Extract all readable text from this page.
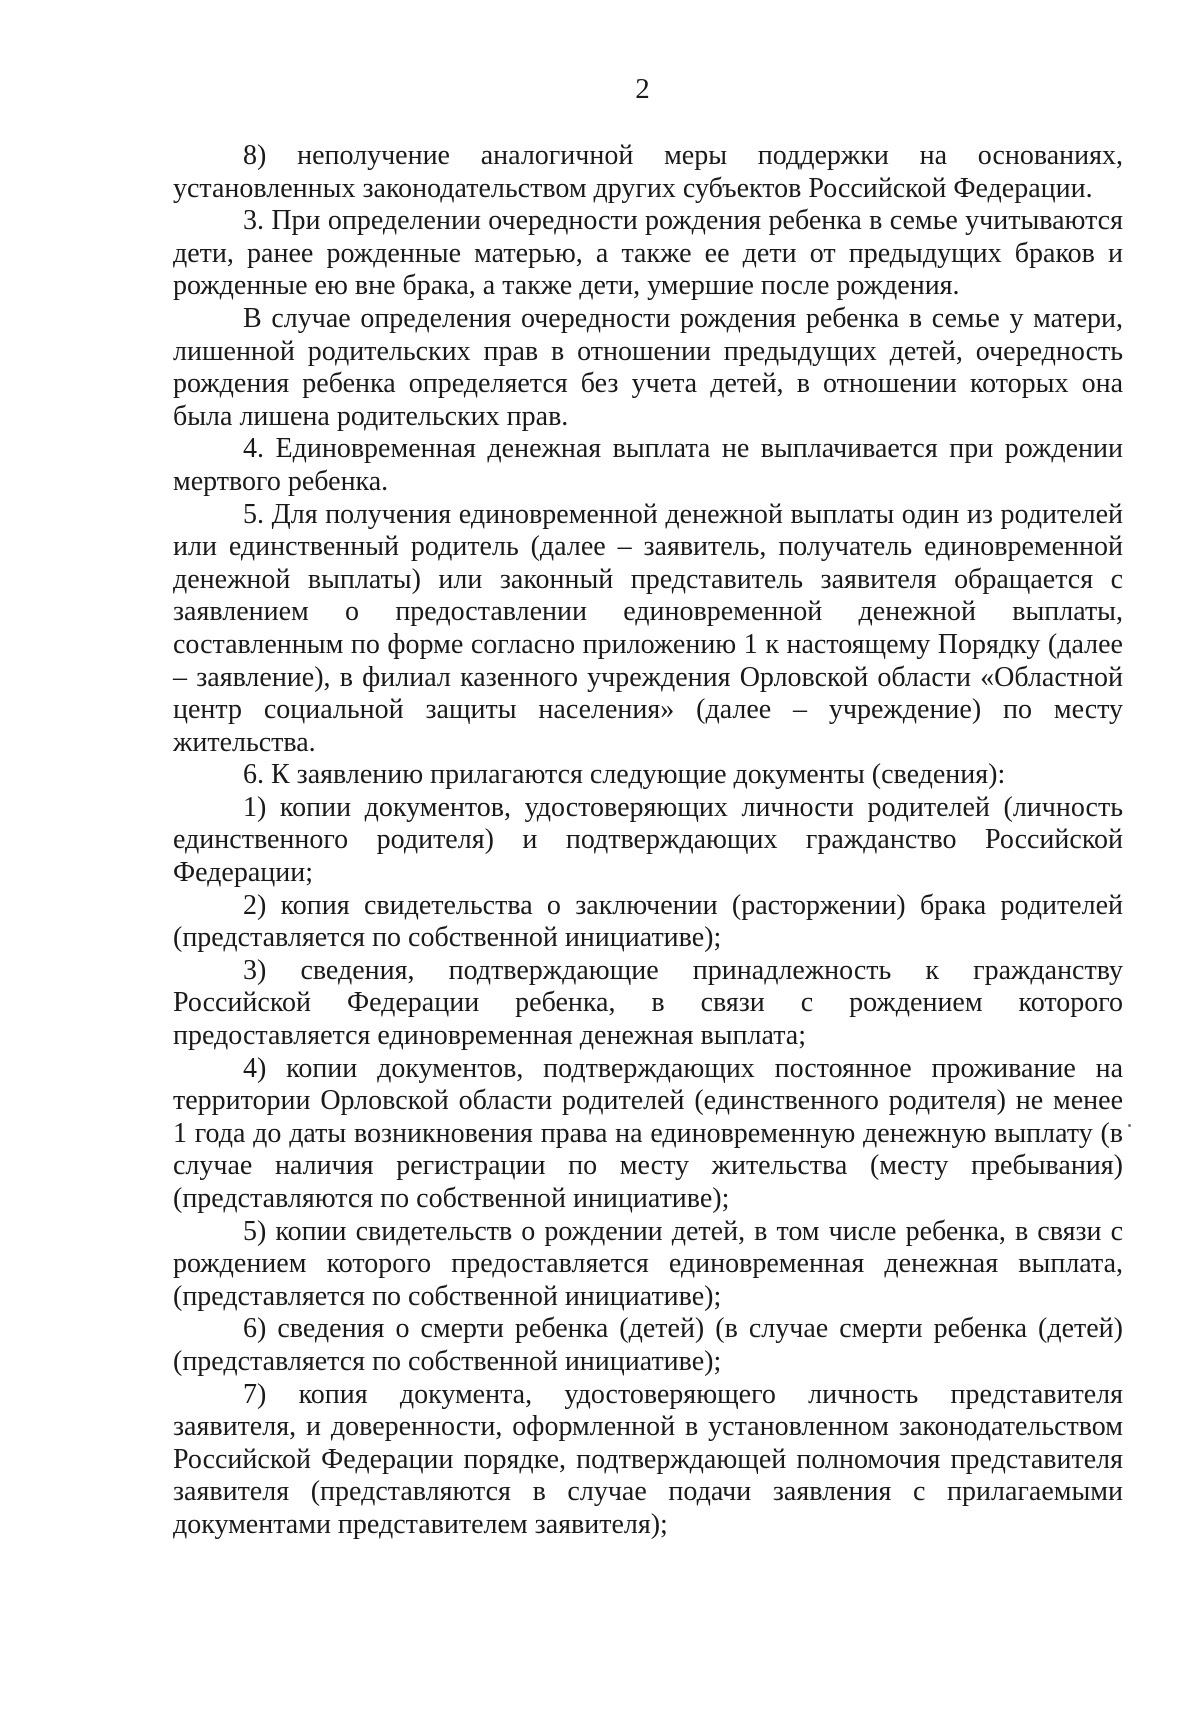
2

8) неполучение аналогичной меры поддержки на основаниях, установленных законодательством других субъектов Российской Федерации.

3. При определении очередности рождения ребенка в семье учитываются дети, ранее рожденные матерью, а также ее дети от предыдущих браков и рожденные ею вне брака, а также дети, умершие после рождения.

В случае определения очередности рождения ребенка в семье у матери, лишенной родительских прав в отношении предыдущих детей, очередность рождения ребенка определяется без учета детей, в отношении которых она была лишена родительских прав.

4. Единовременная денежная выплата не выплачивается при рождении мертвого ребенка.

5. Для получения единовременной денежной выплаты один из родителей или единственный родитель (далее – заявитель, получатель единовременной денежной выплаты) или законный представитель заявителя обращается с заявлением о предоставлении единовременной денежной выплаты, составленным по форме согласно приложению 1 к настоящему Порядку (далее – заявление), в филиал казенного учреждения Орловской области «Областной центр социальной защиты населения» (далее – учреждение) по месту жительства.

6. К заявлению прилагаются следующие документы (сведения):

1) копии документов, удостоверяющих личности родителей (личность единственного родителя) и подтверждающих гражданство Российской Федерации;

2) копия свидетельства о заключении (расторжении) брака родителей (представляется по собственной инициативе);

3) сведения, подтверждающие принадлежность к гражданству Российской Федерации ребенка, в связи с рождением которого предоставляется единовременная денежная выплата;

4) копии документов, подтверждающих постоянное проживание на территории Орловской области родителей (единственного родителя) не менее 1 года до даты возникновения права на единовременную денежную выплату (в случае наличия регистрации по месту жительства (месту пребывания) (представляются по собственной инициативе);

5) копии свидетельств о рождении детей, в том числе ребенка, в связи с рождением которого предоставляется единовременная денежная выплата, (представляется по собственной инициативе);

6) сведения о смерти ребенка (детей) (в случае смерти ребенка (детей) (представляется по собственной инициативе);

7) копия документа, удостоверяющего личность представителя заявителя, и доверенности, оформленной в установленном законодательством Российской Федерации порядке, подтверждающей полномочия представителя заявителя (представляются в случае подачи заявления с прилагаемыми документами представителем заявителя);
